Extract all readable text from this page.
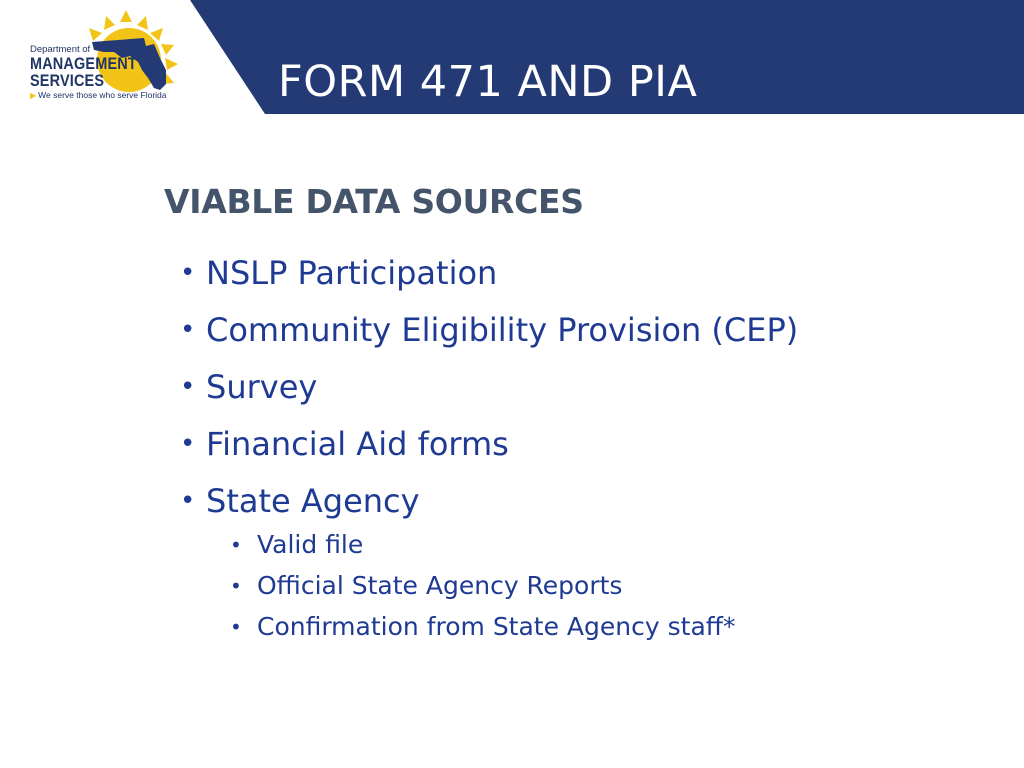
Department of
MANAGEMENT
SERVICES
▶ We serve those who serve Florida	FORM 471 AND PIA
VIABLE DATA SOURCES
• NSLP Participation
• Community Eligibility Provision (CEP)
• Survey
• Financial Aid forms
• State Agency
• Valid file
• Official State Agency Reports
• Confirmation from State Agency staff*
